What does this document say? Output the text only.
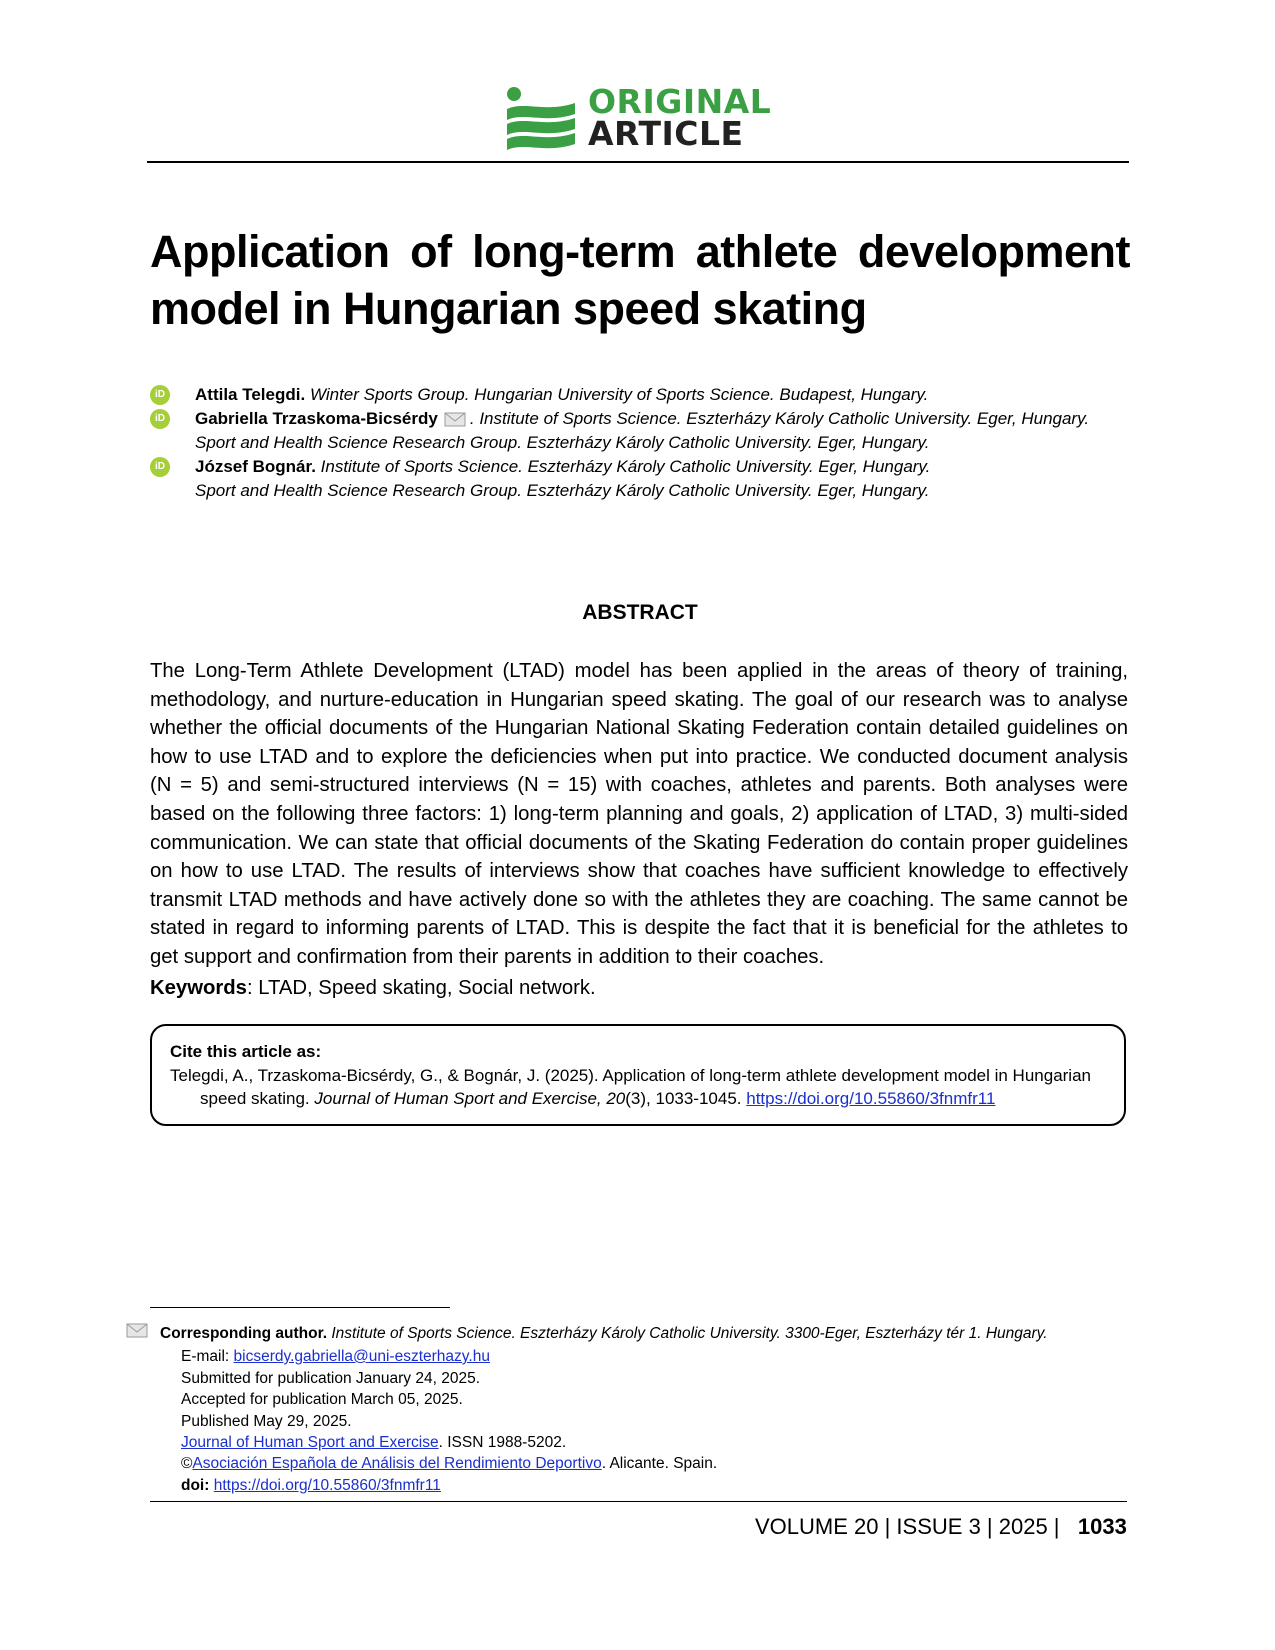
ORIGINAL
ARTICLE
Application of long-term athlete development model in Hungarian speed skating
iD Attila Telegdi. Winter Sports Group. Hungarian University of Sports Science. Budapest, Hungary.
iD Gabriella Trzaskoma-Bicsérdy . Institute of Sports Science. Eszterházy Károly Catholic University. Eger, Hungary.
Sport and Health Science Research Group. Eszterházy Károly Catholic University. Eger, Hungary.
iD József Bognár. Institute of Sports Science. Eszterházy Károly Catholic University. Eger, Hungary.
Sport and Health Science Research Group. Eszterházy Károly Catholic University. Eger, Hungary.
ABSTRACT
The Long-Term Athlete Development (LTAD) model has been applied in the areas of theory of training,
methodology, and nurture-education in Hungarian speed skating. The goal of our research was to analyse
whether the official documents of the Hungarian National Skating Federation contain detailed guidelines on
how to use LTAD and to explore the deficiencies when put into practice. We conducted document analysis
(N = 5) and semi-structured interviews (N = 15) with coaches, athletes and parents. Both analyses were
based on the following three factors: 1) long-term planning and goals, 2) application of LTAD, 3) multi-sided
communication. We can state that official documents of the Skating Federation do contain proper guidelines
on how to use LTAD. The results of interviews show that coaches have sufficient knowledge to effectively
transmit LTAD methods and have actively done so with the athletes they are coaching. The same cannot be
stated in regard to informing parents of LTAD. This is despite the fact that it is beneficial for the athletes to
get support and confirmation from their parents in addition to their coaches.
Keywords: LTAD, Speed skating, Social network.
Cite this article as:
Telegdi, A., Trzaskoma-Bicsérdy, G., & Bognár, J. (2025). Application of long-term athlete development model in Hungarian
speed skating. Journal of Human Sport and Exercise, 20(3), 1033-1045. https://doi.org/10.55860/3fnmfr11
Corresponding author. Institute of Sports Science. Eszterházy Károly Catholic University. 3300-Eger, Eszterházy tér 1. Hungary.
E-mail: bicserdy.gabriella@uni-eszterhazy.hu
Submitted for publication January 24, 2025.
Accepted for publication March 05, 2025.
Published May 29, 2025.
Journal of Human Sport and Exercise. ISSN 1988-5202.
©Asociación Española de Análisis del Rendimiento Deportivo. Alicante. Spain.
doi: https://doi.org/10.55860/3fnmfr11
VOLUME 20 | ISSUE 3 | 2025 | 1033
